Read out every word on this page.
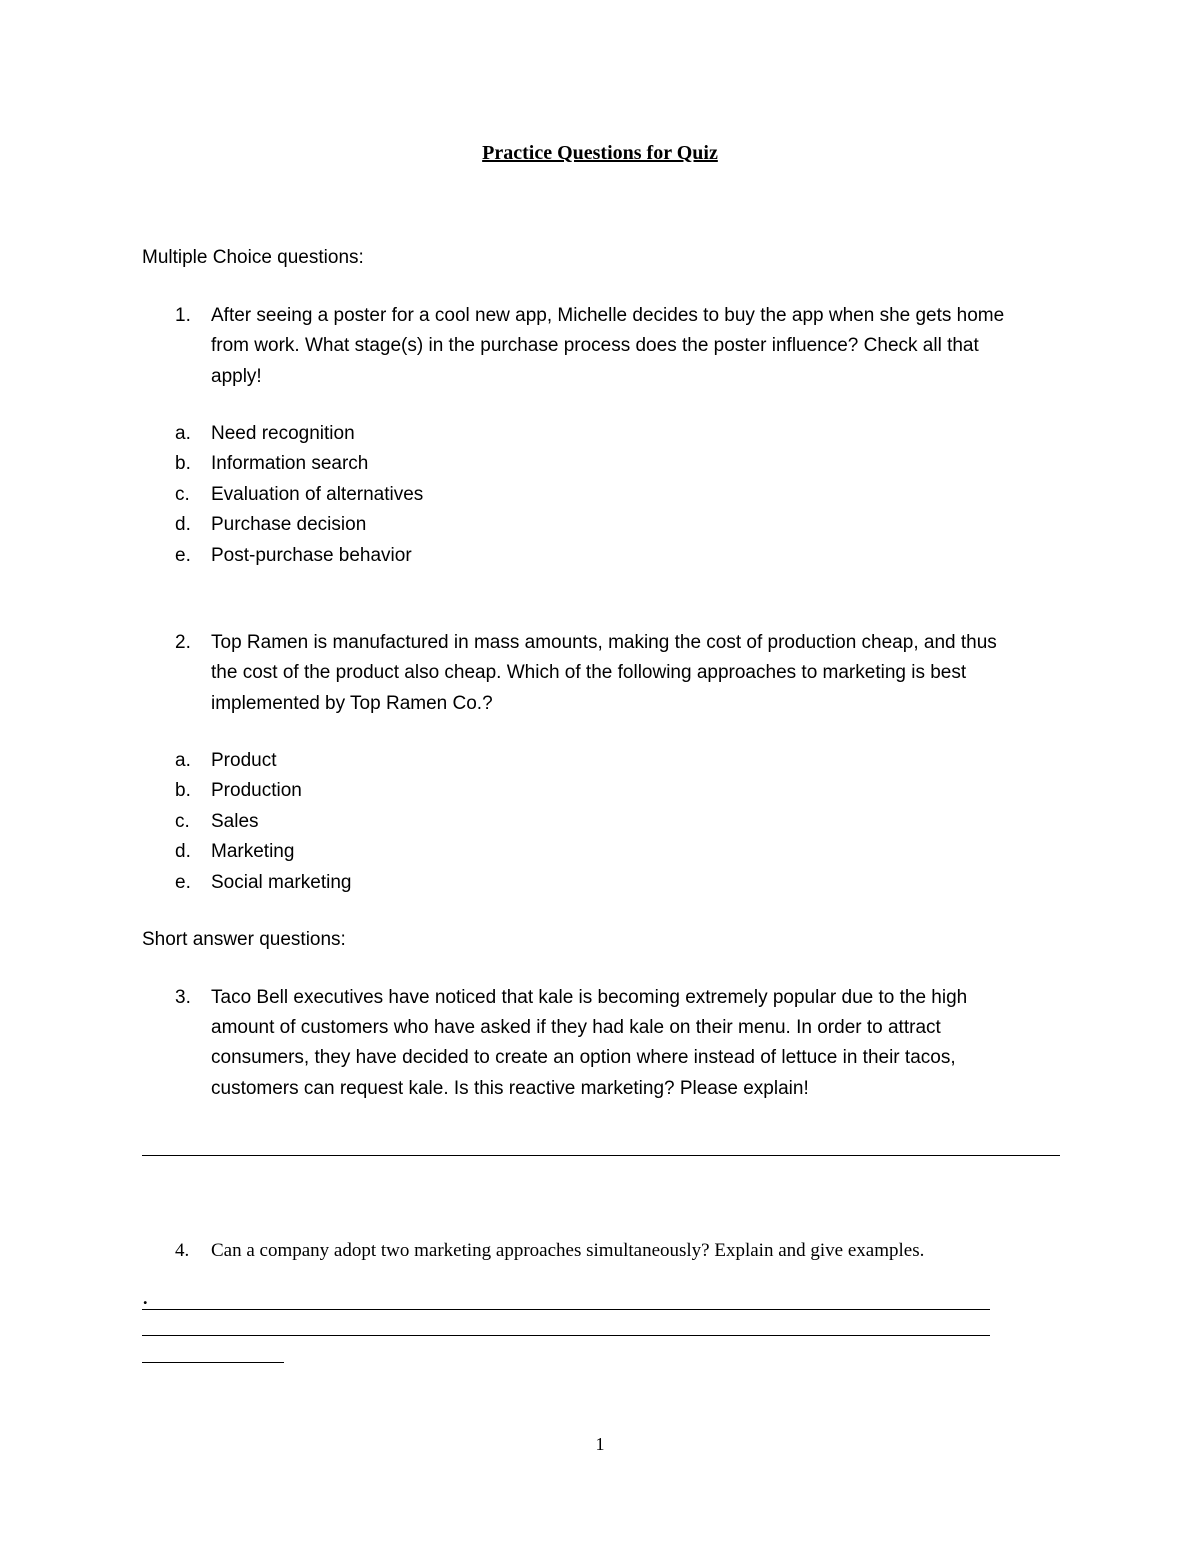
Practice Questions for Quiz
Multiple Choice questions:
1. After seeing a poster for a cool new app, Michelle decides to buy the app when she gets home
from work. What stage(s) in the purchase process does the poster influence? Check all that
apply!
a. Need recognition
b. Information search
c. Evaluation of alternatives
d. Purchase decision
e. Post-purchase behavior
2. Top Ramen is manufactured in mass amounts, making the cost of production cheap, and thus
the cost of the product also cheap. Which of the following approaches to marketing is best
implemented by Top Ramen Co.?
a. Product
b. Production
c. Sales
d. Marketing
e. Social marketing
Short answer questions:
3. Taco Bell executives have noticed that kale is becoming extremely popular due to the high
amount of customers who have asked if they had kale on their menu. In order to attract
consumers, they have decided to create an option where instead of lettuce in their tacos,
customers can request kale. Is this reactive marketing? Please explain!
4. Can a company adopt two marketing approaches simultaneously? Explain and give examples.
.
1
